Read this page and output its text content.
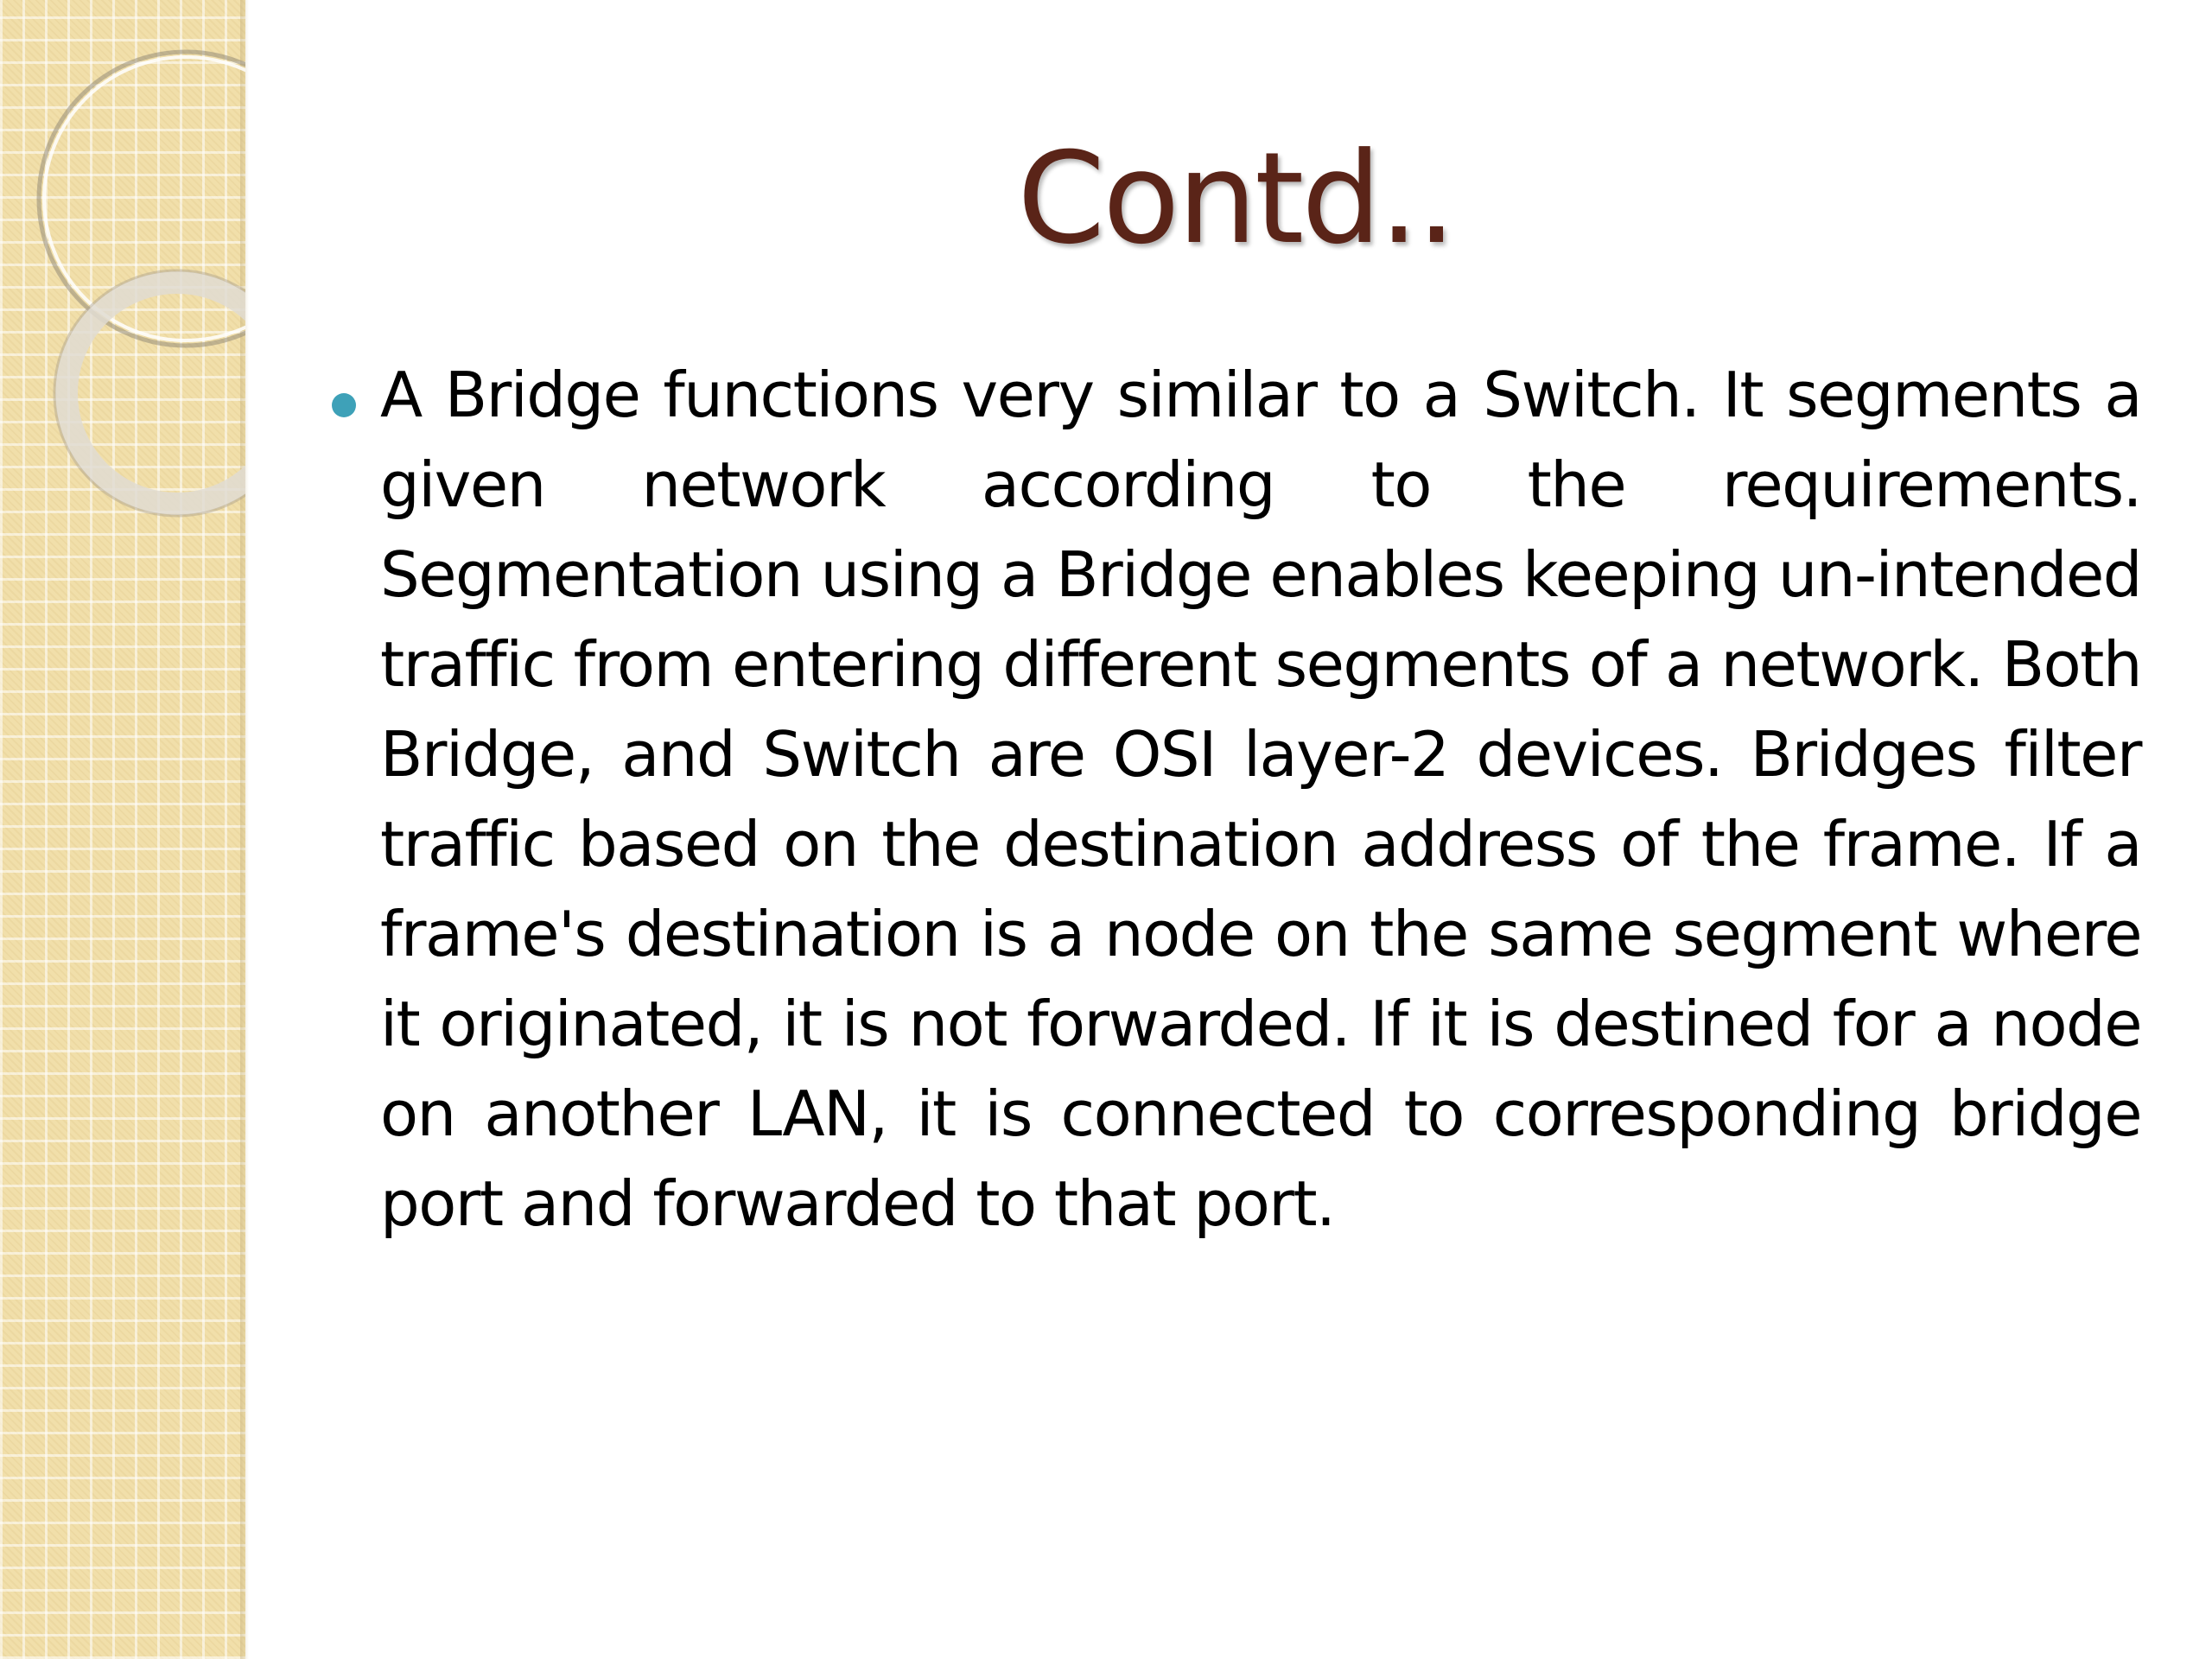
Contd..

A Bridge functions very similar to a Switch. It segments a given network according to the requirements. Segmentation using a Bridge enables keeping un-intended traffic from entering different segments of a network. Both Bridge, and Switch are OSI layer-2 devices. Bridges filter traffic based on the destination address of the frame. If a frame's destination is a node on the same segment where it originated, it is not forwarded. If it is destined for a node on another LAN, it is connected to corresponding bridge port and forwarded to that port.
